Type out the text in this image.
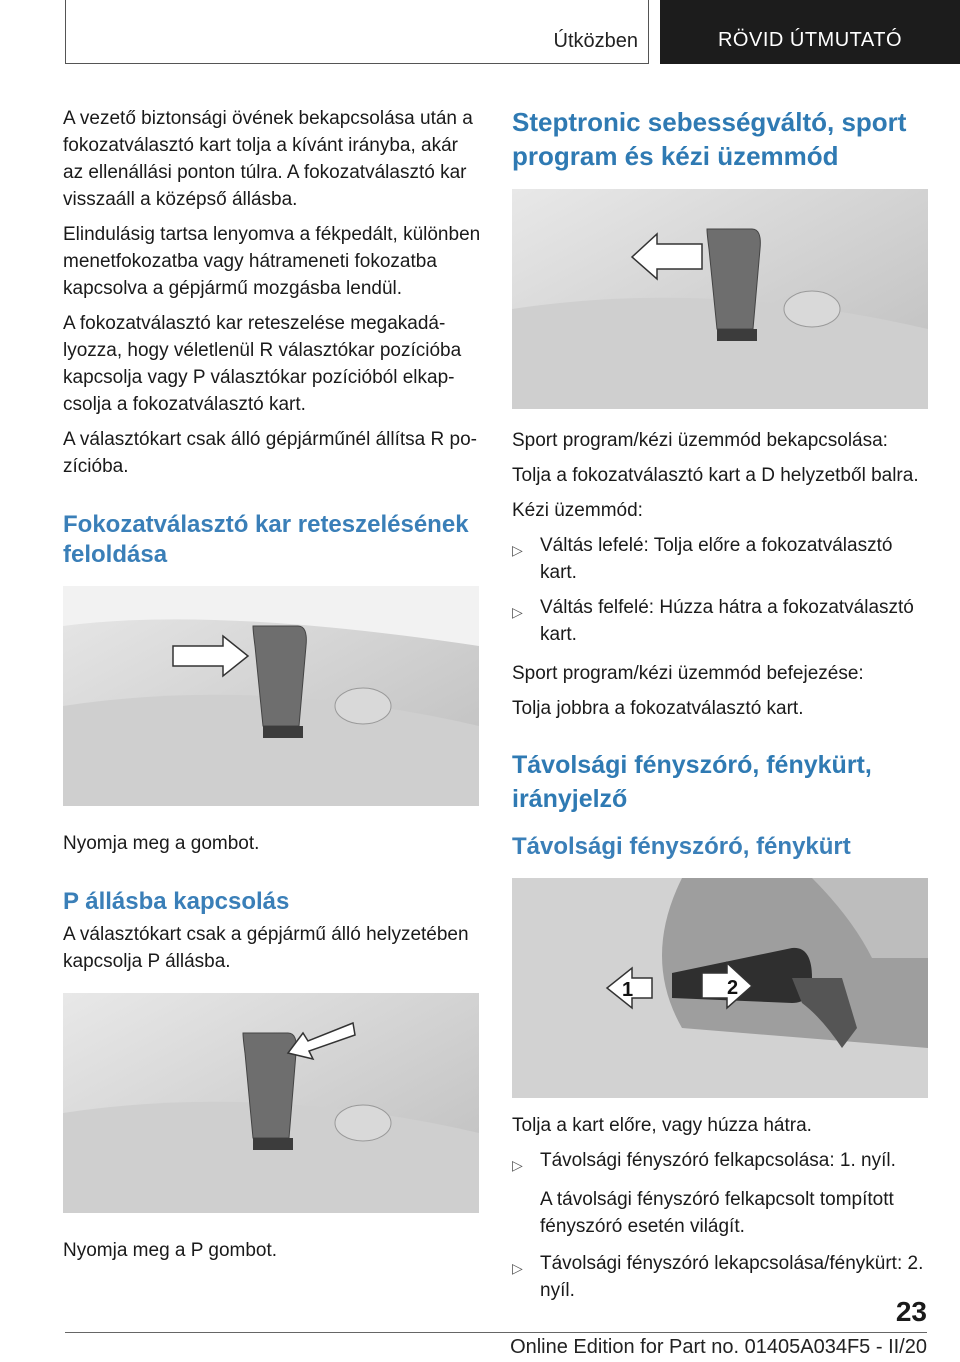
Útközben	RÖVID ÚTMUTATÓ

A vezető biztonsági övének bekapcsolása után a fokozatválasztó kart tolja a kívánt irányba, akár az ellenállási ponton túlra. A fokozatválasztó kar visszaáll a középső állásba.

Elindulásig tartsa lenyomva a fékpedált, különben menetfokozatba vagy hátrameneti fokozatba kapcsolva a gépjármű mozgásba lendül.

A fokozatválasztó kar reteszelése megakadályozza, hogy véletlenül R választókar pozícióba kapcsolja vagy P választókar pozícióból elkapcsolja a fokozatválasztó kart.

A választókart csak álló gépjárműnél állítsa R pozícióba.

Fokozatválasztó kar reteszelésének feloldása

Nyomja meg a gombot.

P állásba kapcsolás

A választókart csak a gépjármű álló helyzetében kapcsolja P állásba.

Nyomja meg a P gombot.

Steptronic sebességváltó, sport program és kézi üzemmód

Sport program/kézi üzemmód bekapcsolása:

Tolja a fokozatválasztó kart a D helyzetből balra.

Kézi üzemmód:

▷ Váltás lefelé: Tolja előre a fokozatválasztó kart.
▷ Váltás felfelé: Húzza hátra a fokozatválasztó kart.

Sport program/kézi üzemmód befejezése:

Tolja jobbra a fokozatválasztó kart.

Távolsági fényszóró, fénykürt, irányjelző
Távolsági fényszóró, fénykürt
1	2

Tolja a kart előre, vagy húzza hátra.

▷ Távolsági fényszóró felkapcsolása: 1. nyíl.

A távolsági fényszóró felkapcsolt tompított fényszóró esetén világít.

▷ Távolsági fényszóró lekapcsolása/fénykürt: 2. nyíl.
23
Online Edition for Part no. 01405A034F5 - II/20
